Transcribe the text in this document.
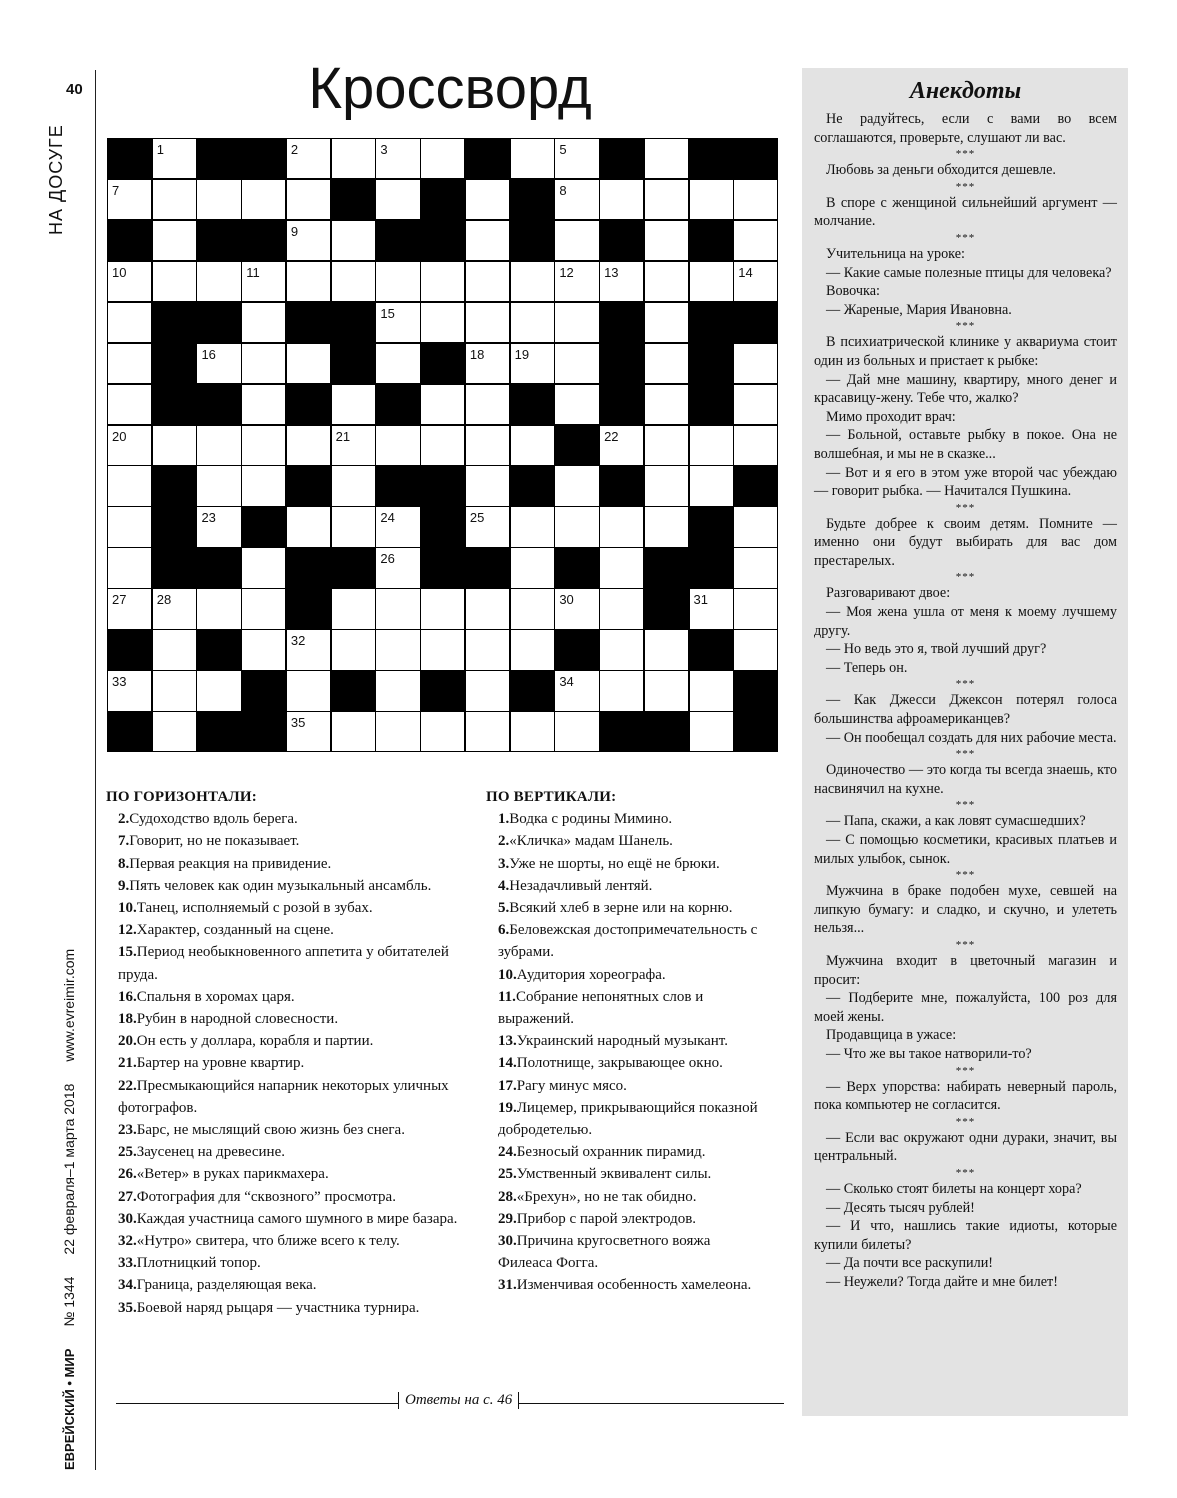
40
НА ДОСУГЕ
ЕВРЕЙСКИЙ • МИР
№ 1344
22 февраля–1 марта 2018
www.evreimir.com
Кроссворд
1	2	3	5
7	8
9
10	11	12 13	14
15
16	18 19
20	21	22
23	24	25
26
27 28	30	31
32
33	34
35
ПО ГОРИЗОНТАЛИ:

2.Судоходство вдоль берега.

7.Говорит, но не показывает.

8.Первая реакция на привидение.

9.Пять человек как один музыкальный ансамбль.

10.Танец, исполняемый с розой в зубах.

12.Характер, созданный на сцене.

15.Период необыкновенного аппетита у обитателей пруда.

16.Спальня в хоромах царя.

18.Рубин в народной словесности.

20.Он есть у доллара, корабля и партии.

21.Бартер на уровне квартир.

22.Пресмыкающийся напарник некоторых уличных фотографов.

23.Барс, не мыслящий свою жизнь без снега.

25.Заусенец на древесине.

26.«Ветер» в руках парикмахера.

27.Фотография для “сквозного” просмотра.

30.Каждая участница самого шумного в мире базара.

32.«Нутро» свитера, что ближе всего к телу.

33.Плотницкий топор.

34.Граница, разделяющая века.

35.Боевой наряд рыцаря — участника турнира.

ПО ВЕРТИКАЛИ:

1.Водка с родины Мимино.

2.«Кличка» мадам Шанель.

3.Уже не шорты, но ещё не брюки.

4.Незадачливый лентяй.

5.Всякий хлеб в зерне или на корню.

6.Беловежская достопримечательность с зубрами.

10.Аудитория хореографа.

11.Собрание непонятных слов и выражений.

13.Украинский народный музыкант.

14.Полотнище, закрывающее окно.

17.Рагу минус мясо.

19.Лицемер, прикрывающийся показной добродетелью.

24.Безносый охранник пирамид.

25.Умственный эквивалент силы.

28.«Брехун», но не так обидно.

29.Прибор с парой электродов.

30.Причина кругосветного вояжа Филеаса Фогга.

31.Изменчивая особенность хамелеона.

Ответы на с. 46
Анекдоты

Не радуйтесь, если с вами во всем соглашаются, проверьте, слушают ли вас.

***

Любовь за деньги обходится дешевле.

***

В споре с женщиной сильнейший аргумент — молчание.

***

Учительница на уроке:

— Какие самые полезные птицы для человека?

Вовочка:

— Жареные, Мария Ивановна.

***

В психиатрической клинике у аквариума стоит один из больных и пристает к рыбке:

— Дай мне машину, квартиру, много денег и красавицу-жену. Тебе что, жалко?

Мимо проходит врач:

— Больной, оставьте рыбку в покое. Она не волшебная, и мы не в сказке...

— Вот и я его в этом уже второй час убеждаю — говорит рыбка. — Начитался Пушкина.

***

Будьте добрее к своим детям. Помните — именно они будут выбирать для вас дом престарелых.

***

Разговаривают двое:

— Моя жена ушла от меня к моему лучшему другу.

— Но ведь это я, твой лучший друг?

— Теперь он.

***

— Как Джесси Джексон потерял голоса большинства афроамериканцев?

— Он пообещал создать для них рабочие места.

***

Одиночество — это когда ты всегда знаешь, кто насвинячил на кухне.

***

— Папа, скажи, а как ловят сумасшедших?

— С помощью косметики, красивых платьев и милых улыбок, сынок.

***

Мужчина в браке подобен мухе, севшей на липкую бумагу: и сладко, и скучно, и улететь нельзя...

***

Мужчина входит в цветочный магазин и просит:

— Подберите мне, пожалуйста, 100 роз для моей жены.

Продавщица в ужасе:

— Что же вы такое натворили-то?

***

— Верх упорства: набирать неверный пароль, пока компьютер не согласится.

***

— Если вас окружают одни дураки, значит, вы центральный.

***

— Сколько стоят билеты на концерт хора?

— Десять тысяч рублей!

— И что, нашлись такие идиоты, которые купили билеты?

— Да почти все раскупили!

— Неужели? Тогда дайте и мне билет!
